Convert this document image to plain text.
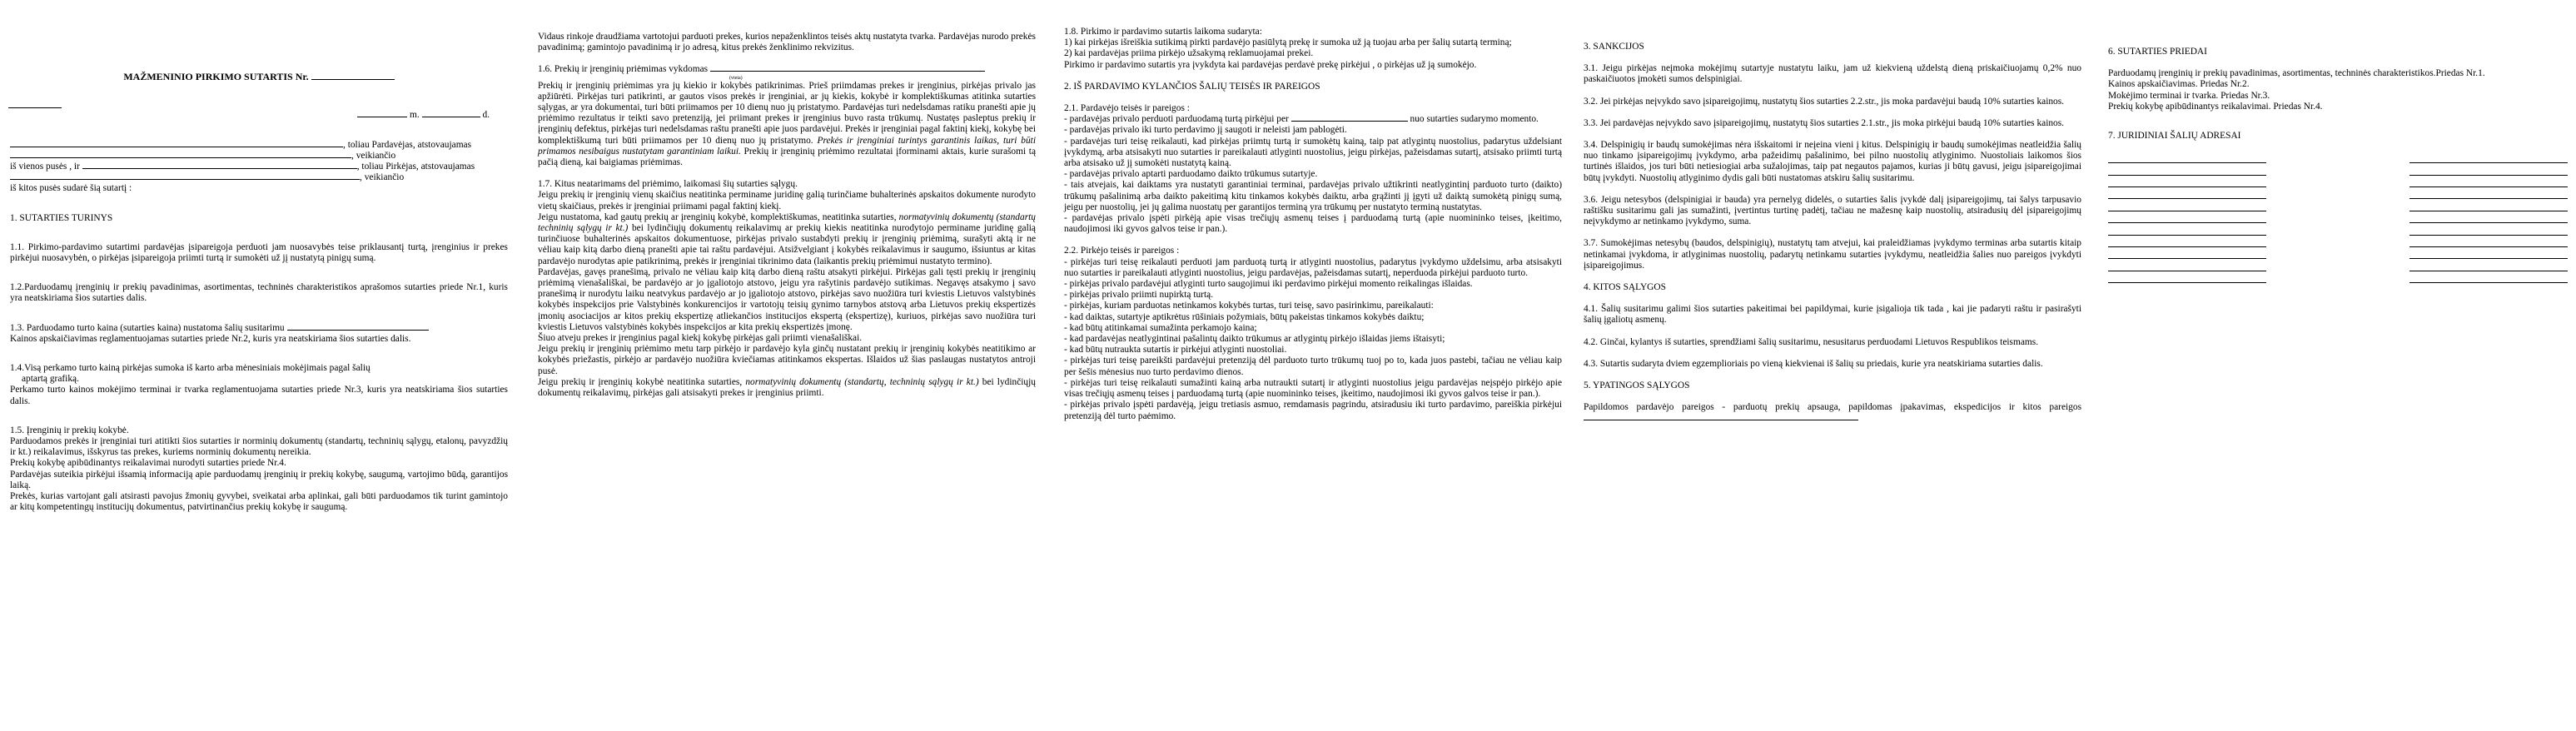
MAŽMENINIO PIRKIMO SUTARTIS Nr.

m.	d.
, toliau Pardavėjas, atstovaujamas
, veikiančio
iš vienos pusės , ir	, toliau Pirkėjas, atstovaujamas
, veikiančio
iš kitos pusės sudarė šią sutartį :

1. SUTARTIES TURINYS

1.1. Pirkimo-pardavimo sutartimi pardavėjas įsipareigoja perduoti jam nuosavybės teise priklausantį turtą, įrenginius ir prekes pirkėjui nuosavybėn, o pirkėjas įsipareigoja priimti turtą ir sumokėti už jį nustatytą pinigų sumą.

1.2.Parduodamų įrenginių ir prekių pavadinimas, asortimentas, techninės charakteristikos aprašomos sutarties priede Nr.1, kuris yra neatskiriama šios sutarties dalis.

1.3. Parduodamo turto kaina (sutarties kaina) nustatoma šalių susitarimu

Kainos apskaičiavimas reglamentuojamas sutarties priede Nr.2, kuris yra neatskiriama šios sutarties dalis.

1.4.Visą perkamo turto kainą pirkėjas sumoka iš karto arba mėnesiniais mokėjimais pagal šalių

aptartą grafiką.

Perkamo turto kainos mokėjimo terminai ir tvarka reglamentuojama sutarties priede Nr.3, kuris yra neatskiriama šios sutarties dalis.

1.5. Įrenginių ir prekių kokybė.

Parduodamos prekės ir įrenginiai turi atitikti šios sutarties ir norminių dokumentų (standartų, techninių sąlygų, etalonų, pavyzdžių ir kt.) reikalavimus, išskyrus tas prekes, kuriems norminių dokumentų nereikia.

Prekių kokybę apibūdinantys reikalavimai nurodyti sutarties priede Nr.4.

Pardavėjas suteikia pirkėjui išsamią informaciją apie parduodamų įrenginių ir prekių kokybę, saugumą, vartojimo būdą, garantijos laiką.

Prekės, kurias vartojant gali atsirasti pavojus žmonių gyvybei, sveikatai arba aplinkai, gali būti parduodamos tik turint gamintojo ar kitų kompetentingų institucijų dokumentus, patvirtinančius prekių kokybę ir saugumą.

Vidaus rinkoje draudžiama vartotojui parduoti prekes, kurios nepaženklintos teisės aktų nustatyta tvarka. Pardavėjas nurodo prekės pavadinimą; gamintojo pavadinimą ir jo adresą, kitus prekės ženklinimo rekvizitus.

1.6. Prekių ir įrenginių priėmimas vykdomas

(vieta)

Prekių ir įrenginių priėmimas yra jų kiekio ir kokybės patikrinimas. Prieš priimdamas prekes ir įrenginius, pirkėjas privalo jas apžiūrėti. Pirkėjas turi patikrinti, ar gautos visos prekės ir įrenginiai, ar jų kiekis, kokybė ir komplektiškumas atitinka sutarties sąlygas, ar yra dokumentai, turi būti priimamos per 10 dienų nuo jų pristatymo. Pardavėjas turi nedelsdamas ratiku pranešti apie jų priėmimo rezultatus ir teikti savo pretenziją, jei priimant prekes ir įrenginius buvo rasta trūkumų. Nustatęs pasleptus prekių ir įrenginių defektus, pirkėjas turi nedelsdamas raštu pranešti apie juos pardavėjui. Prekės ir įrenginiai pagal faktinį kiekį, kokybę bei komplektiškumą turi būti priimamos per 10 dienų nuo jų pristatymo. Prekės ir įrenginiai turintys garantinis laikas, turi būti primamos nesibaigus nustatytam garantiniam laikui. Prekių ir įrenginių priėmimo rezultatai įforminami aktais, kurie surašomi tą pačią dieną, kai baigiamas priėmimas.

1.7. Kitus neatarimams del priėmimo, laikomasi šių sutarties sąlygų.

Jeigu prekių ir įrenginių vienų skaičius neatitinka perminame juridinę galią turinčiame buhalterinės apskaitos dokumente nurodyto vietų skaičiaus, prekės ir įrenginiai priimami pagal faktinį kiekį.

Jeigu nustatoma, kad gautų prekių ar įrenginių kokybė, komplektiškumas, neatitinka sutarties, normatyvinių dokumentų (standartų techninių sąlygų ir kt.) bei lydinčiųjų dokumentų reikalavimų ar prekių kiekis neatitinka nurodytojo perminame juridinę galią turinčiuose buhalterinės apskaitos dokumentuose, pirkėjas privalo sustabdyti prekių ir įrenginių priėmimą, surašyti aktą ir ne vėliau kaip kitą darbo dieną pranešti apie tai raštu pardavėjui. Atsižvelgiant į kokybės reikalavimus ir saugumo, išsiuntus ar kitas pardavėjo nurodytas apie patikrinimą, prekės ir įrenginiai tikrinimo data (laikantis prekių priėmimui nustatyto termino).

Pardavėjas, gavęs pranešimą, privalo ne vėliau kaip kitą darbo dieną raštu atsakyti pirkėjui. Pirkėjas gali tęsti prekių ir įrenginių priėmimą vienašališkai, be pardavėjo ar jo įgaliotojo atstovo, jeigu yra rašytinis pardavėjo sutikimas. Negavęs atsakymo į savo pranešimą ir nurodytu laiku neatvykus pardavėjo ar jo įgaliotojo atstovo, pirkėjas savo nuožiūra turi kviestis Lietuvos valstybinės kokybės inspekcijos prie Valstybinės konkurencijos ir vartotojų teisių gynimo tarnybos atstovą arba Lietuvos prekių ekspertizės įmonių asociacijos ar kitos prekių ekspertizę atliekančios institucijos ekspertą (ekspertizę), kuriuos, pirkėjas savo nuožiūra turi kviestis Lietuvos valstybinės kokybės inspekcijos ar kita prekių ekspertizės įmonę.

Šiuo atveju prekes ir įrenginius pagal kiekį kokybę pirkėjas gali priimti vienašališkai.

Jeigu prekių ir įrenginių priėmimo metu tarp pirkėjo ir pardavėjo kyla ginčų nustatant prekių ir įrenginių kokybės neatitikimo ar kokybės priežastis, pirkėjo ar pardavėjo nuožiūra kviečiamas atitinkamos ekspertas. Išlaidos už šias paslaugas nustatytos antroji pusė.

Jeigu prekių ir įrenginių kokybė neatitinka sutarties, normatyvinių dokumentų (standartų, techninių sąlygų ir kt.) bei lydinčiųjų dokumentų reikalavimų, pirkėjas gali atsisakyti prekes ir įrenginius priimti.

1.8. Pirkimo ir pardavimo sutartis laikoma sudaryta:

1) kai pirkėjas išreiškia sutikimą pirkti pardavėjo pasiūlytą prekę ir sumoka už ją tuojau arba per šalių sutartą terminą;

2) kai pardavėjas priima pirkėjo užsakymą reklamuojamai prekei.

Pirkimo ir pardavimo sutartis yra įvykdyta kai pardavėjas perdavė prekę pirkėjui , o pirkėjas už ją sumokėjo.

2. IŠ PARDAVIMO KYLANČIOS ŠALIŲ TEISĖS IR PAREIGOS

2.1. Pardavėjo teisės ir pareigos :

- pardavėjas privalo perduoti parduodamą turtą pirkėjui per	nuo sutarties sudarymo momento.

- pardavėjas privalo iki turto perdavimo jį saugoti ir neleisti jam pablogėti.

- pardavėjas turi teisę reikalauti, kad pirkėjas priimtų turtą ir sumokėtų kainą, taip pat atlygintų nuostolius, padarytus uždelsiant įvykdymą, arba atsisakyti nuo sutarties ir pareikalauti atlyginti nuostolius, jeigu pirkėjas, pažeisdamas sutartį, atsisako priimti turtą arba atsisako už jį sumokėti nustatytą kainą.

- pardavėjas privalo aptarti parduodamo daikto trūkumus sutartyje.

- tais atvejais, kai daiktams yra nustatyti garantiniai terminai, pardavėjas privalo užtikrinti neatlygintinį parduoto turto (daikto) trūkumų pašalinimą arba daikto pakeitimą kitu tinkamos kokybės daiktu, arba grąžinti jį įgyti už daiktą sumokėtą pinigų sumą, jeigu per nuostolių, jei jų galima nuostatų per garantijos terminą yra trūkumų per nustatyto terminą nustatytas.

- pardavėjas privalo įspėti pirkėją apie visas trečiųjų asmenų teises į parduodamą turtą (apie nuomininko teises, įkeitimo, naudojimosi iki gyvos galvos teise ir pan.).

2.2. Pirkėjo teisės ir pareigos :

- pirkėjas turi teisę reikalauti perduoti jam parduotą turtą ir atlyginti nuostolius, padarytus įvykdymo uždelsimu, arba atsisakyti nuo sutarties ir pareikalauti atlyginti nuostolius, jeigu pardavėjas, pažeisdamas sutartį, neperduoda pirkėjui parduoto turto.

- pirkėjas privalo pardavėjui atlyginti turto saugojimui iki perdavimo pirkėjui momento reikalingas išlaidas.

- pirkėjas privalo priimti nupirktą turtą.

- pirkėjas, kuriam parduotas netinkamos kokybės turtas, turi teisę, savo pasirinkimu, pareikalauti:

- kad daiktas, sutartyje aptikrėtus rūšiniais požymiais, būtų pakeistas tinkamos kokybės daiktu;

- kad būtų atitinkamai sumažinta perkamojo kaina;

- kad pardavėjas neatlygintinai pašalintų daikto trūkumus ar atlygintų pirkėjo išlaidas jiems ištaisyti;

- kad būtų nutraukta sutartis ir pirkėjui atlyginti nuostoliai.

- pirkėjas turi teisę pareikšti pardavėjui pretenziją dėl parduoto turto trūkumų tuoj po to, kada juos pastebi, tačiau ne vėliau kaip per šešis mėnesius nuo turto perdavimo dienos.

- pirkėjas turi teisę reikalauti sumažinti kainą arba nutraukti sutartį ir atlyginti nuostolius jeigu pardavėjas neįspėjo pirkėjo apie visas trečiųjų asmenų teises į parduodamą turtą (apie nuomininko teises, įkeitimo, naudojimosi iki gyvos galvos teise ir pan.).

- pirkėjas privalo įspėti pardavėją, jeigu tretiasis asmuo, remdamasis pagrindu, atsiradusiu iki turto pardavimo, pareiškia pirkėjui pretenziją dėl turto paėmimo.

3. SANKCIJOS

3.1. Jeigu pirkėjas neįmoka mokėjimų sutartyje nustatytu laiku, jam už kiekvieną uždelstą dieną priskaičiuojamų 0,2% nuo paskaičiuotos įmokėti sumos delspinigiai.

3.2. Jei pirkėjas neįvykdo savo įsipareigojimų, nustatytų šios sutarties 2.2.str., jis moka pardavėjui baudą 10% sutarties kainos.

3.3. Jei pardavėjas neįvykdo savo įsipareigojimų, nustatytų šios sutarties 2.1.str., jis moka pirkėjui baudą 10% sutarties kainos.

3.4. Delspinigių ir baudų sumokėjimas nėra išskaitomi ir neįeina vieni į kitus. Delspinigių ir baudų sumokėjimas neatleidžia šalių nuo tinkamo įsipareigojimų įvykdymo, arba pažeidimų pašalinimo, bei pilno nuostolių atlyginimo. Nuostoliais laikomos šios turtinės išlaidos, jos turi būti netiesiogiai arba sužalojimas, taip pat negautos pajamos, kurias ji būtų gavusi, jeigu įsipareigojimai būtų įvykdyti. Nuostolių atlyginimo dydis gali būti nustatomas atskiru šalių susitarimu.

3.6. Jeigu netesybos (delspinigiai ir bauda) yra pernelyg didelės, o sutarties šalis įvykdė dalį įsipareigojimų, tai šalys tarpusavio raštišku susitarimu gali jas sumažinti, įvertintus turtinę padėtį, tačiau ne mažesnę kaip nuostolių, atsiradusių dėl įsipareigojimų neįvykdymo ar netinkamo įvykdymo, suma.

3.7. Sumokėjimas netesybų (baudos, delspinigių), nustatytų tam atvejui, kai praleidžiamas įvykdymo terminas arba sutartis kitaip netinkamai įvykdoma, ir atlyginimas nuostolių, padarytų netinkamu sutarties įvykdymu, neatleidžia šalies nuo pareigos įvykdyti įsipareigojimus.

4. KITOS SĄLYGOS

4.1. Šalių susitarimu galimi šios sutarties pakeitimai bei papildymai, kurie įsigalioja tik tada , kai jie padaryti raštu ir pasirašyti šalių įgaliotų asmenų.

4.2. Ginčai, kylantys iš sutarties, sprendžiami šalių susitarimu, nesusitarus perduodami Lietuvos Respublikos teismams.

4.3. Sutartis sudaryta dviem egzemplioriais po vieną kiekvienai iš šalių su priedais, kurie yra neatskiriama sutarties dalis.

5. YPATINGOS SĄLYGOS

Papildomos pardavėjo pareigos - parduotų prekių apsauga, papildomas įpakavimas, ekspedicijos ir kitos pareigos

6. SUTARTIES PRIEDAI

Parduodamų įrenginių ir prekių pavadinimas, asortimentas, techninės charakteristikos.Priedas Nr.1.

Kainos apskaičiavimas. Priedas Nr.2.

Mokėjimo terminai ir tvarka. Priedas Nr.3.

Prekių kokybę apibūdinantys reikalavimai. Priedas Nr.4.

7. JURIDINIAI ŠALIŲ ADRESAI
